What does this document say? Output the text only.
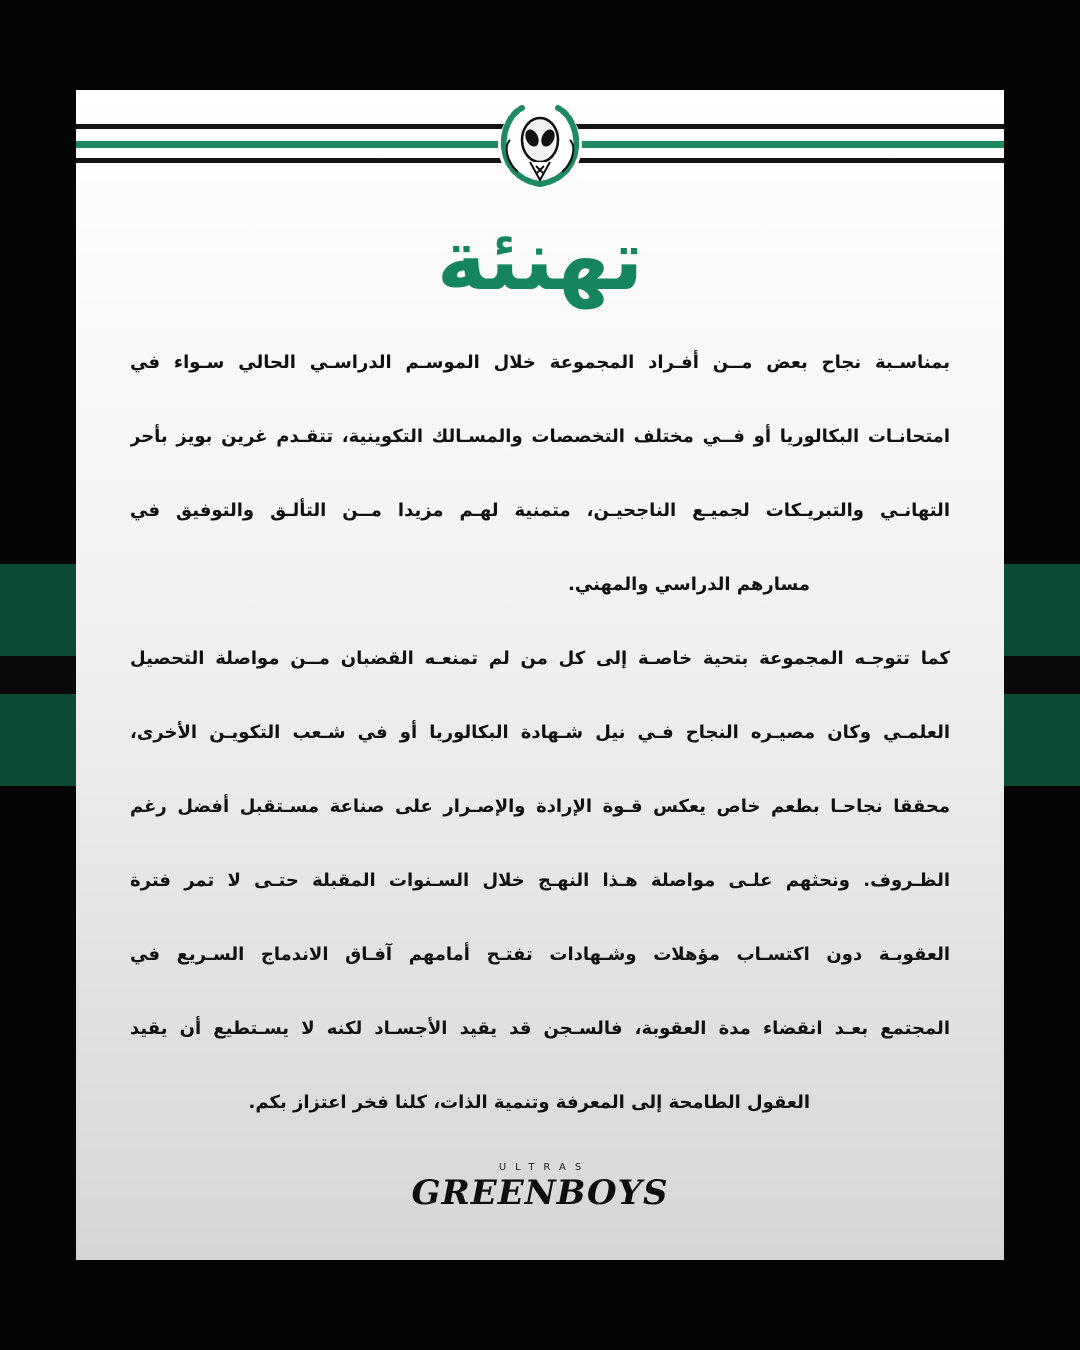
تهنئة
بمناسـبة نجاح بعض مــن أفـراد المجموعة خلال الموسـم الدراسـي الحالي سـواء في
امتحانـات البكالوريا أو فــي مختلف التخصصات والمسـالك التكوينية، تتقـدم غرين بويز بأحر
التهانـي والتبريـكات لجميـع الناجحيـن، متمنية لهـم مزيدا مــن التألـق والتوفيق في
مسارهم الدراسي والمهني.
كما تتوجـه المجموعة بتحية خاصـة إلى كل من لم تمنعـه القضبان مــن مواصلة التحصيل
العلمـي وكان مصيـره النجاح فـي نيل شـهادة البكالوريا أو في شـعب التكويـن الأخرى،
محققا نجاحـا بطعم خاص يعكس قـوة الإرادة والإصـرار على صناعة مسـتقبل أفضل رغم
الظـروف. ونحثهم علـى مواصلة هـذا النهـج خلال السـنوات المقبلة حتـى لا تمر فترة
العقوبـة دون اكتسـاب مؤهلات وشـهادات تفتـح أمامهم آفـاق الاندماج السـريع في
المجتمع بعـد انقضاء مدة العقوبة، فالسـجن قد يقيد الأجسـاد لكنه لا يسـتطيع أن يقيد
العقول الطامحة إلى المعرفة وتنمية الذات، كلنا فخر اعتزاز بكم.
ULTRAS
GREENBOYS
